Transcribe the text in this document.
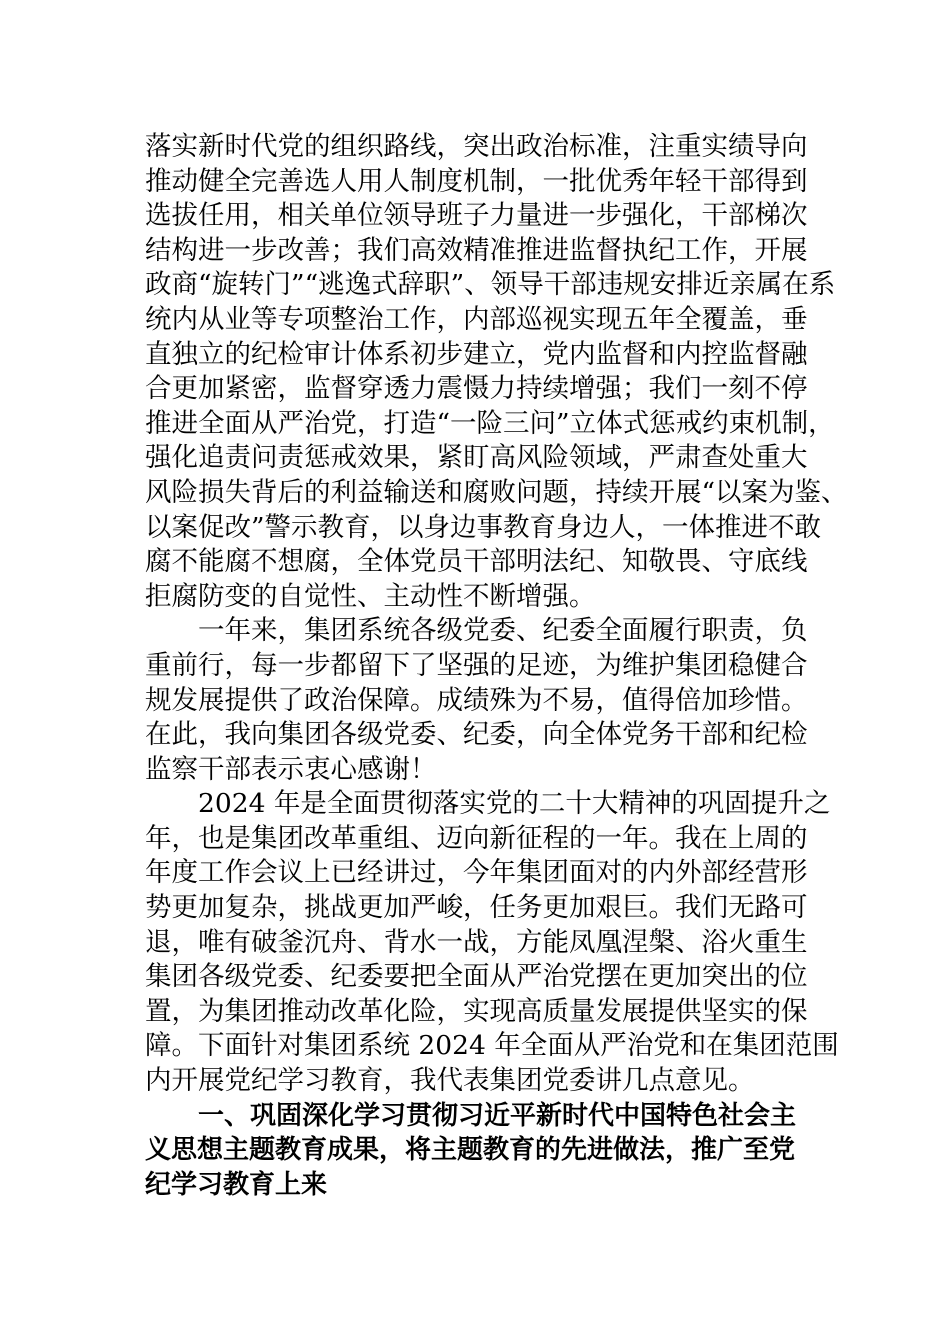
落实新时代党的组织路线，突出政治标准，注重实绩导向
推动健全完善选人用人制度机制，一批优秀年轻干部得到
选拔任用，相关单位领导班子力量进一步强化，干部梯次
结构进一步改善；我们高效精准推进监督执纪工作，开展
政商“旋转门”“逃逸式辞职”、领导干部违规安排近亲属在系
统内从业等专项整治工作，内部巡视实现五年全覆盖，垂
直独立的纪检审计体系初步建立，党内监督和内控监督融
合更加紧密，监督穿透力震慑力持续增强；我们一刻不停
推进全面从严治党，打造“一险三问”立体式惩戒约束机制，
强化追责问责惩戒效果，紧盯高风险领域，严肃查处重大
风险损失背后的利益输送和腐败问题，持续开展“以案为鉴、
以案促改”警示教育，以身边事教育身边人，一体推进不敢
腐不能腐不想腐，全体党员干部明法纪、知敬畏、守底线
拒腐防变的自觉性、主动性不断增强。
一年来，集团系统各级党委、纪委全面履行职责，负
重前行，每一步都留下了坚强的足迹，为维护集团稳健合
规发展提供了政治保障。成绩殊为不易，值得倍加珍惜。
在此，我向集团各级党委、纪委，向全体党务干部和纪检
监察干部表示衷心感谢！
2024 年是全面贯彻落实党的二十大精神的巩固提升之
年，也是集团改革重组、迈向新征程的一年。我在上周的
年度工作会议上已经讲过，今年集团面对的内外部经营形
势更加复杂，挑战更加严峻，任务更加艰巨。我们无路可
退，唯有破釜沉舟、背水一战，方能凤凰涅槃、浴火重生
集团各级党委、纪委要把全面从严治党摆在更加突出的位
置，为集团推动改革化险，实现高质量发展提供坚实的保
障。下面针对集团系统 2024 年全面从严治党和在集团范围
内开展党纪学习教育，我代表集团党委讲几点意见。
一、巩固深化学习贯彻习近平新时代中国特色社会主
义思想主题教育成果，将主题教育的先进做法，推广至党
纪学习教育上来
